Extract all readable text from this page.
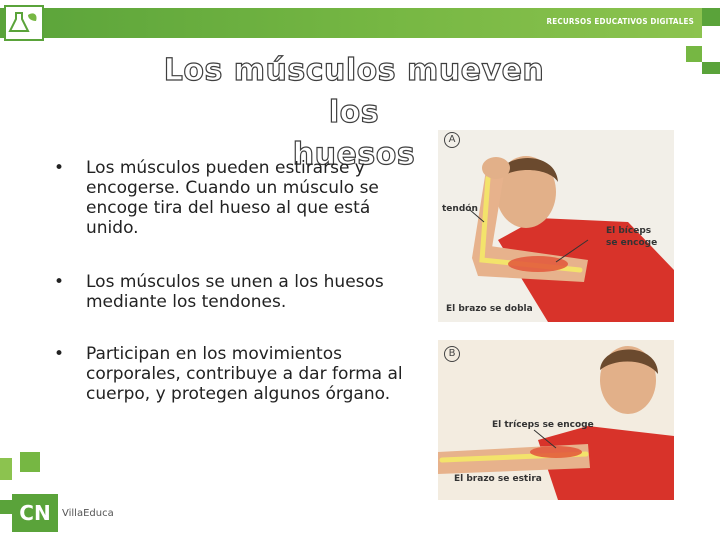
RECURSOS EDUCATIVOS DIGITALES
Los músculos mueven los
huesos
• Los músculos pueden estirarse y encogerse. Cuando un músculo se encoge tira del hueso al que está unido.
• Los músculos se unen a los huesos mediante los tendones.
• Participan en los movimientos corporales, contribuye a dar forma al cuerpo, y protegen algunos órgano.
A
tendón
El bíceps
se encoge
El brazo se dobla
B
El tríceps se encoge
El brazo se estira
CN	VillaEduca
